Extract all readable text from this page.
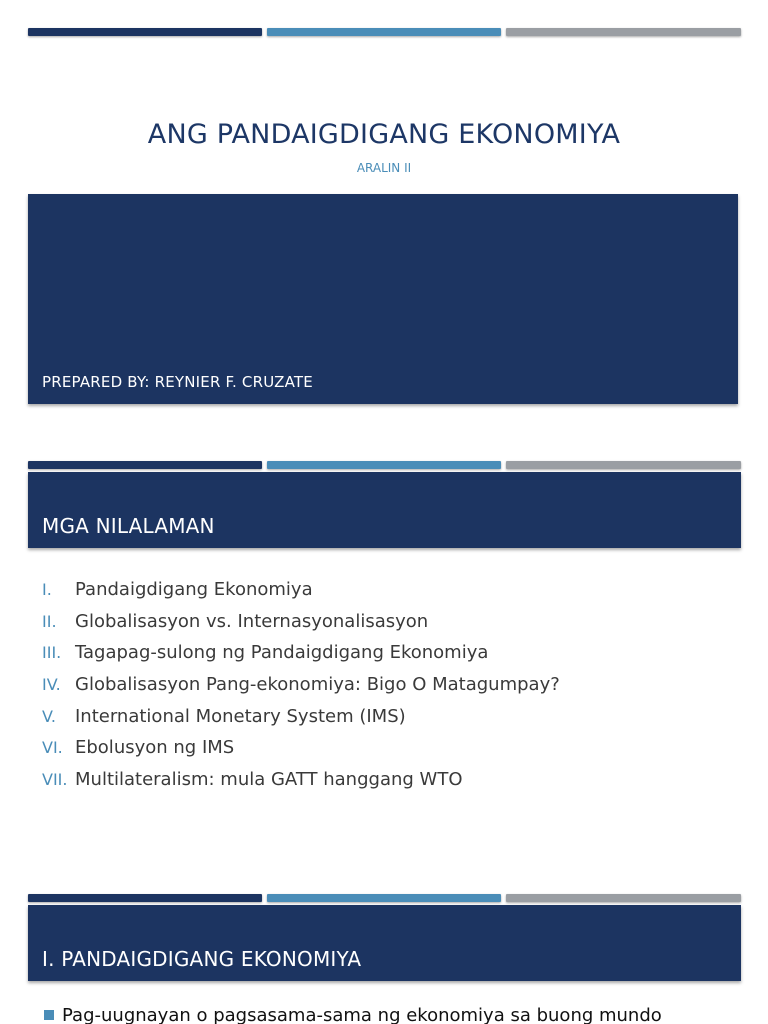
ANG PANDAIGDIGANG EKONOMIYA
ARALIN II
PREPARED BY: REYNIER F. CRUZATE
MGA NILALAMAN
I.	Pandaigdigang Ekonomiya
II.	Globalisasyon vs. Internasyonalisasyon
III. Tagapag-sulong ng Pandaigdigang Ekonomiya
IV. Globalisasyon Pang-ekonomiya: Bigo O Matagumpay?
V.	International Monetary System (IMS)
VI. Ebolusyon ng IMS
VII. Multilateralism: mula GATT hanggang WTO
I. PANDAIGDIGANG EKONOMIYA
Pag-uugnayan o pagsasama-sama ng ekonomiya sa buong mundo
